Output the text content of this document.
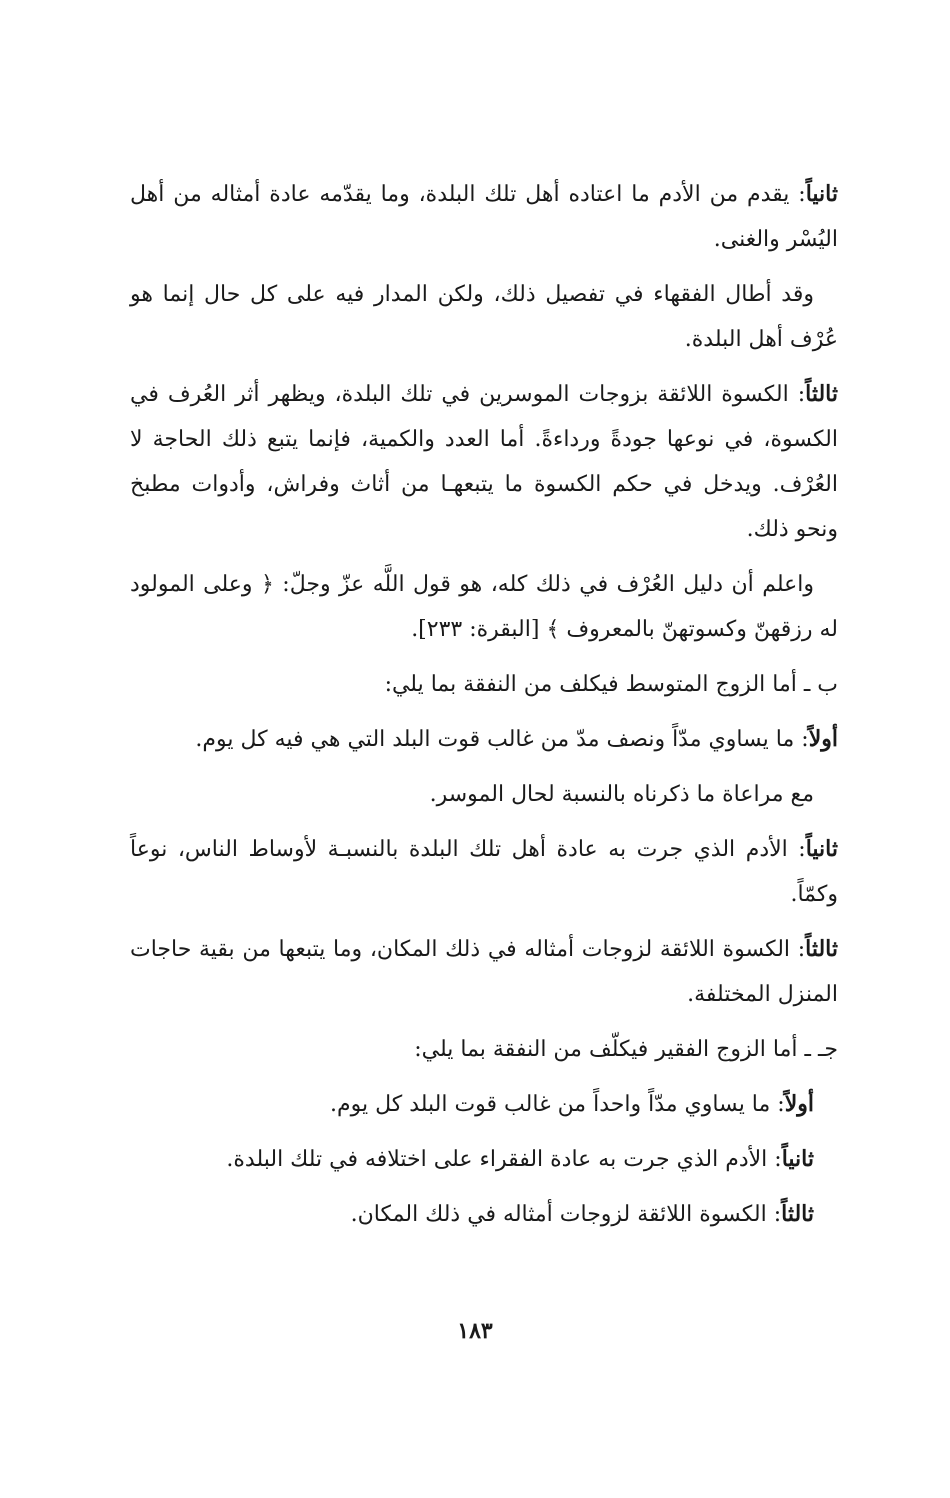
ثانياً: يقدم من الأدم ما اعتاده أهل تلك البلدة، وما يقدّمه عادة أمثاله من أهل اليُسْر والغنى.

وقد أطال الفقهاء في تفصيل ذلك، ولكن المدار فيه على كل حال إنما هو عُرْف أهل البلدة.

ثالثاً: الكسوة اللائقة بزوجات الموسرين في تلك البلدة، ويظهر أثر العُرف في الكسوة، في نوعها جودةً ورداءةً. أما العدد والكمية، فإنما يتبع ذلك الحاجة لا العُرْف. ويدخل في حكم الكسوة ما يتبعهـا من أثاث وفراش، وأدوات مطبخ ونحو ذلك.

واعلم أن دليل العُرْف في ذلك كله، هو قول اللَّه عزّ وجلّ: ﴿ وعلى المولود له رزقهنّ وكسوتهنّ بالمعروف ﴾ [البقرة: ٢٣٣].

ب ـ أما الزوج المتوسط فيكلف من النفقة بما يلي:

أولاً: ما يساوي مدّاً ونصف مدّ من غالب قوت البلد التي هي فيه كل يوم.

مع مراعاة ما ذكرناه بالنسبة لحال الموسر.

ثانياً: الأدم الذي جرت به عادة أهل تلك البلدة بالنسبـة لأوساط الناس، نوعاً وكمّاً.

ثالثاً: الكسوة اللائقة لزوجات أمثاله في ذلك المكان، وما يتبعها من بقية حاجات المنزل المختلفة.

جـ ـ أما الزوج الفقير فيكلّف من النفقة بما يلي:

أولاً: ما يساوي مدّاً واحداً من غالب قوت البلد كل يوم.

ثانياً: الأدم الذي جرت به عادة الفقراء على اختلافه في تلك البلدة.

ثالثاً: الكسوة اللائقة لزوجات أمثاله في ذلك المكان.

١٨٣
